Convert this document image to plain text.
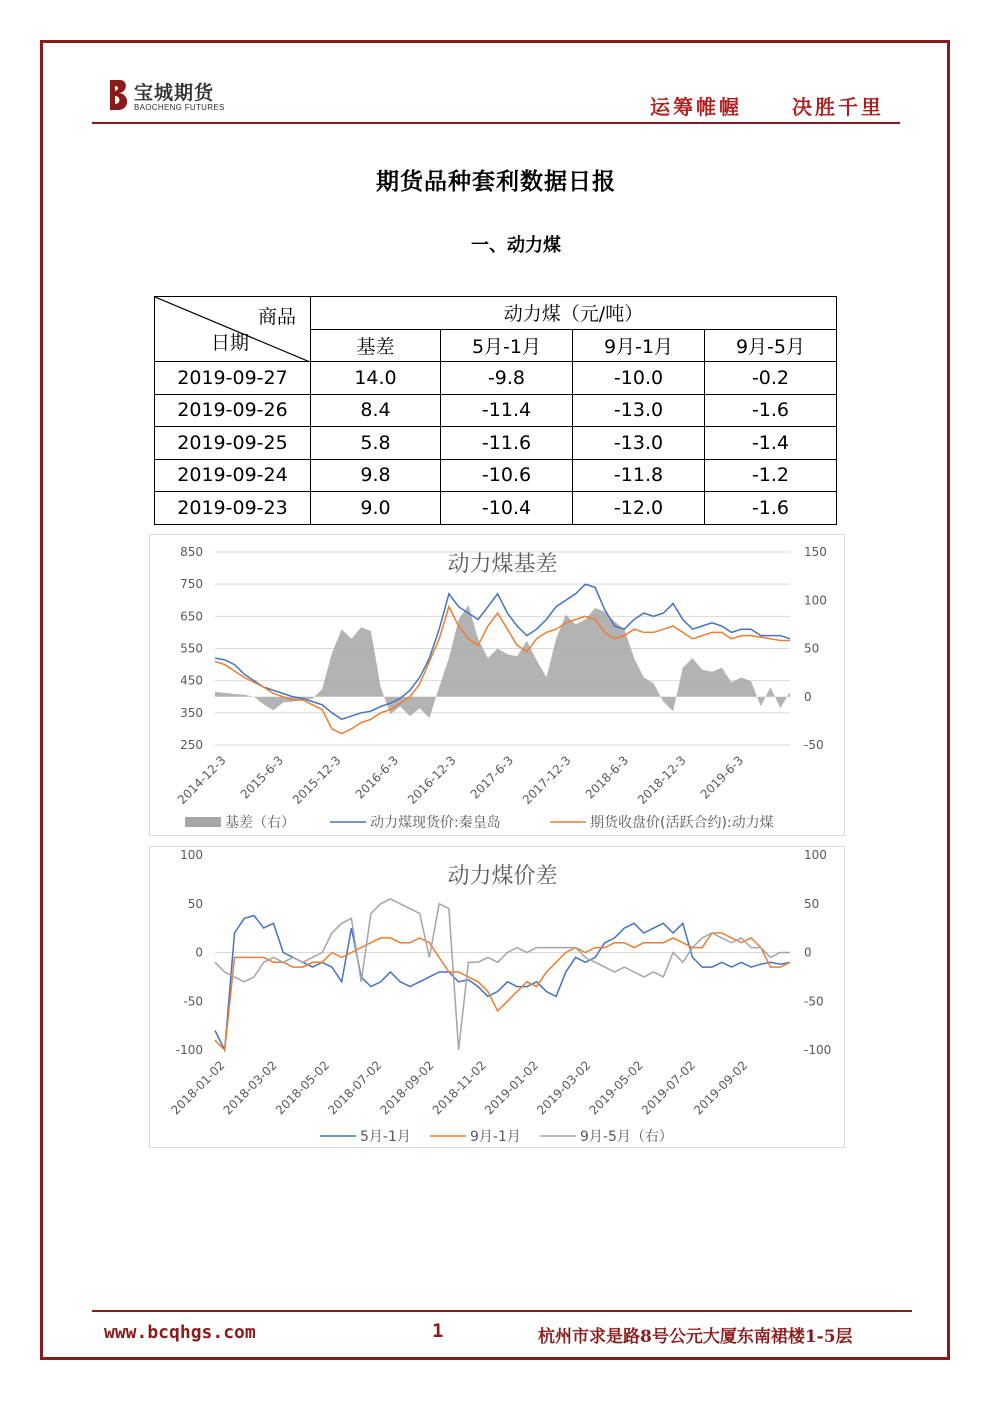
宝城期货
BAOCHENG FUTURES	运筹帷幄	决胜千里
期货品种套利数据日报
一、动力煤
商品
日期	动力煤（元/吨）			
	基差	5月-1月	9月-1月	9月-5月
2019-09-27	14.0	-9.8	-10.0	-0.2
2019-09-26	8.4	-11.4	-13.0	-1.6
2019-09-25	5.8	-11.6	-13.0	-1.4
2019-09-24	9.8	-10.6	-11.8	-1.2
2019-09-23	9.0	-10.4	-12.0	-1.6
动力煤基差
850
750
650
550
450
350
250
150
100
50
0
-50
2014-12-3 2015-6-3 2015-12-3 2016-6-3 2016-12-3 2017-6-3 2017-12-3 2018-6-3 2018-12-3 2019-6-3
基差（右）	动力煤现货价:秦皇岛	期货收盘价(活跃合约):动力煤
动力煤价差
100
50
0
-50
-100
100
50
0
-50
-100
2018-01-02
2018-03-02
2018-05-02
2018-07-02
2018-09-02
2018-11-02
2019-01-02
2019-03-02
2019-05-02
2019-07-02
2019-09-02
5月-1月	9月-1月	9月-5月（右）
www.bcqhgs.com	1	杭州市求是路8号公元大厦东南裙楼1-5层
